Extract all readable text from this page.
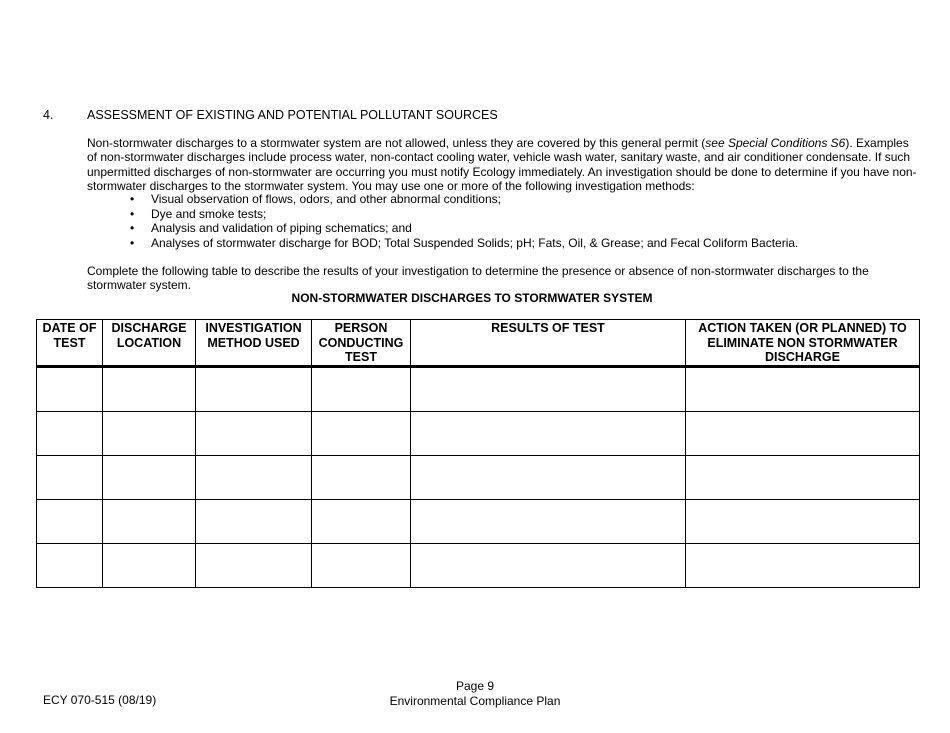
4.	ASSESSMENT OF EXISTING AND POTENTIAL POLLUTANT SOURCES
Non-stormwater discharges to a stormwater system are not allowed, unless they are covered by this general permit (see Special Conditions S6). Examples of non-stormwater discharges include process water, non-contact cooling water, vehicle wash water, sanitary waste, and air conditioner condensate. If such unpermitted discharges of non-stormwater are occurring you must notify Ecology immediately. An investigation should be done to determine if you have non-stormwater discharges to the stormwater system. You may use one or more of the following investigation methods:
• Visual observation of flows, odors, and other abnormal conditions;
• Dye and smoke tests;
• Analysis and validation of piping schematics; and
• Analyses of stormwater discharge for BOD; Total Suspended Solids; pH; Fats, Oil, & Grease; and Fecal Coliform Bacteria.
Complete the following table to describe the results of your investigation to determine the presence or absence of non-stormwater discharges to the stormwater system.
NON-STORMWATER DISCHARGES TO STORMWATER SYSTEM
DATE OF TEST	DISCHARGE LOCATION	INVESTIGATION METHOD USED	PERSON CONDUCTING TEST	RESULTS OF TEST	ACTION TAKEN (OR PLANNED) TO ELIMINATE NON STORMWATER DISCHARGE

Page 9
Environmental Compliance Plan
ECY 070-515 (08/19)
